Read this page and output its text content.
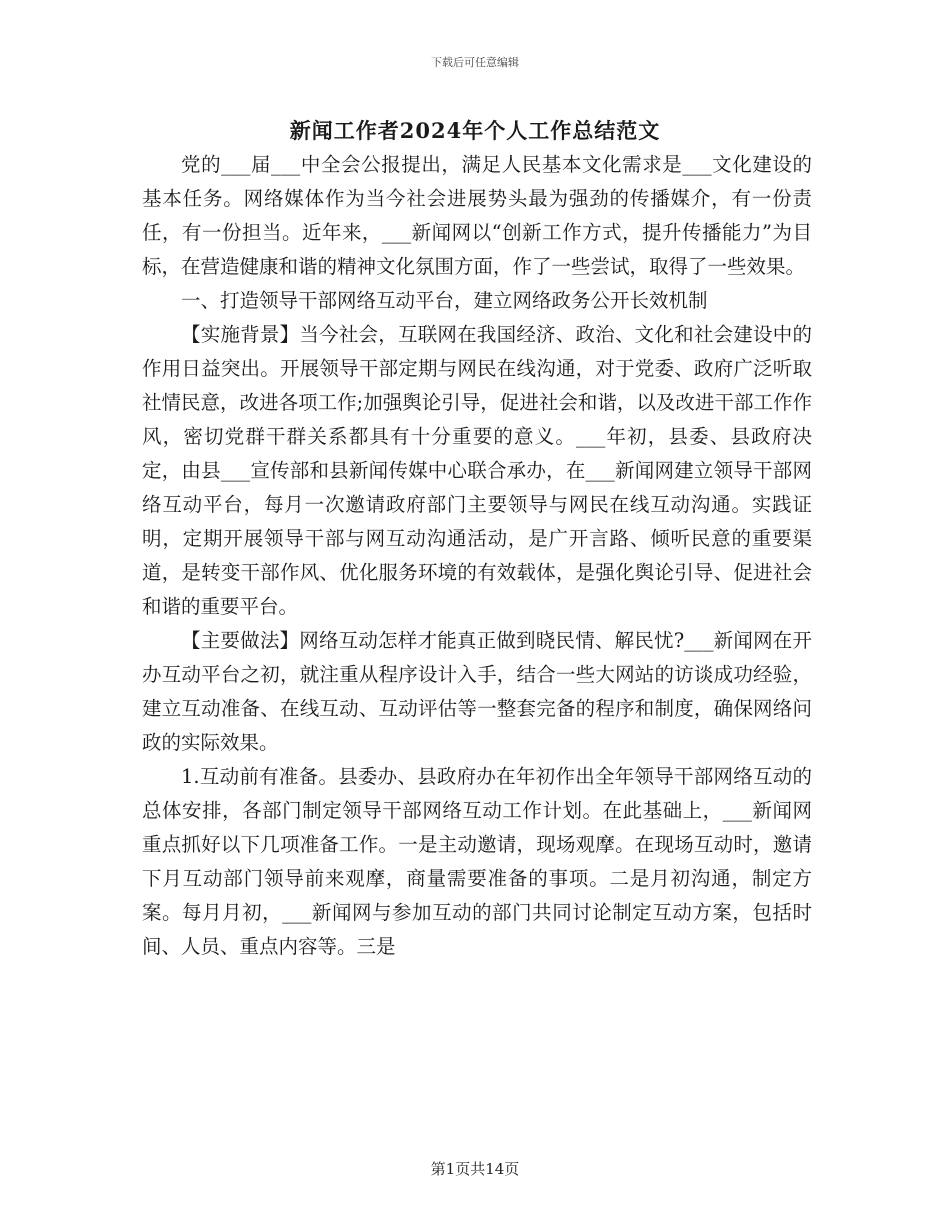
下载后可任意编辑
新闻工作者2024年个人工作总结范文

党的___届___中全会公报提出，满足人民基本文化需求是___文化建设的基本任务。网络媒体作为当今社会进展势头最为强劲的传播媒介，有一份责任，有一份担当。近年来，___新闻网以“创新工作方式，提升传播能力”为目标，在营造健康和谐的精神文化氛围方面，作了一些尝试，取得了一些效果。

一、打造领导干部网络互动平台，建立网络政务公开长效机制

【实施背景】当今社会，互联网在我国经济、政治、文化和社会建设中的作用日益突出。开展领导干部定期与网民在线沟通，对于党委、政府广泛听取社情民意，改进各项工作;加强舆论引导，促进社会和谐，以及改进干部工作作风，密切党群干群关系都具有十分重要的意义。___年初，县委、县政府决定，由县___宣传部和县新闻传媒中心联合承办，在___新闻网建立领导干部网络互动平台，每月一次邀请政府部门主要领导与网民在线互动沟通。实践证明，定期开展领导干部与网互动沟通活动，是广开言路、倾听民意的重要渠道，是转变干部作风、优化服务环境的有效载体，是强化舆论引导、促进社会和谐的重要平台。

【主要做法】网络互动怎样才能真正做到晓民情、解民忧?___新闻网在开办互动平台之初，就注重从程序设计入手，结合一些大网站的访谈成功经验，建立互动准备、在线互动、互动评估等一整套完备的程序和制度，确保网络问政的实际效果。

1.互动前有准备。县委办、县政府办在年初作出全年领导干部网络互动的总体安排，各部门制定领导干部网络互动工作计划。在此基础上，___新闻网重点抓好以下几项准备工作。一是主动邀请，现场观摩。在现场互动时，邀请下月互动部门领导前来观摩，商量需要准备的事项。二是月初沟通，制定方案。每月月初，___新闻网与参加互动的部门共同讨论制定互动方案，包括时间、人员、重点内容等。三是

第1页共14页
